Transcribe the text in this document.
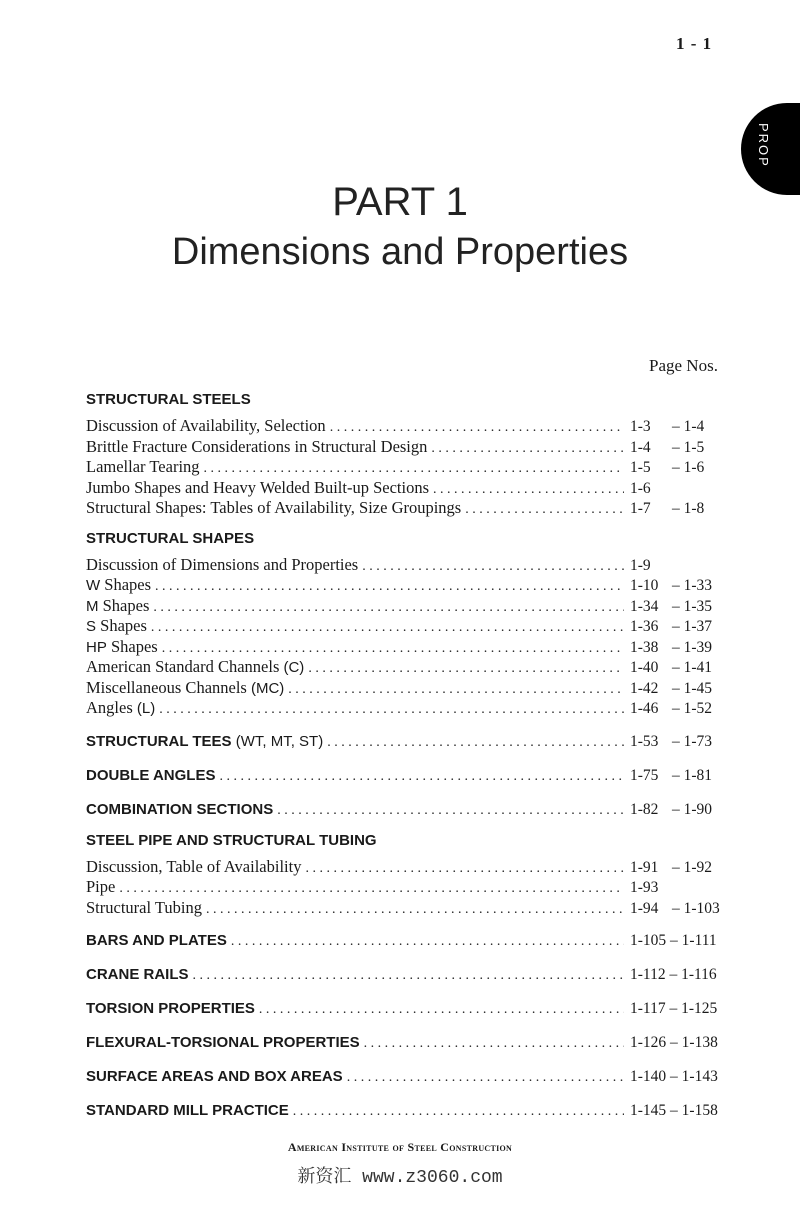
1 - 1
PROP
PART 1
Dimensions and Properties
Page Nos.
STRUCTURAL STEELS
Discussion of Availability, Selection . . .	1-3	– 1-4
Brittle Fracture Considerations in Structural Design . . .	1-4	– 1-5
Lamellar Tearing . . .	1-5	– 1-6
Jumbo Shapes and Heavy Welded Built-up Sections . . .	1-6
Structural Shapes: Tables of Availability, Size Groupings . . .	1-7	– 1-8
STRUCTURAL SHAPES
Discussion of Dimensions and Properties . . .	1-9
W Shapes . . .	1-10 – 1-33
M Shapes . . .	1-34 – 1-35
S Shapes . . .	1-36 – 1-37
HP Shapes . . .	1-38 – 1-39
American Standard Channels (C) . . .	1-40 – 1-41
Miscellaneous Channels (MC) . . .	1-42 – 1-45
Angles (L) . . .	1-46 – 1-52
STRUCTURAL TEES (WT, MT, ST) . . .	1-53 – 1-73
DOUBLE ANGLES . . .	1-75 – 1-81
COMBINATION SECTIONS . . .	1-82 – 1-90
STEEL PIPE AND STRUCTURAL TUBING
Discussion, Table of Availability . . .	1-91 – 1-92
Pipe . . .	1-93
Structural Tubing . . .	1-94 – 1-103
BARS AND PLATES . . .	1-105 – 1-111
CRANE RAILS . . .	1-112 – 1-116
TORSION PROPERTIES . . .	1-117 – 1-125
FLEXURAL-TORSIONAL PROPERTIES . . .	1-126 – 1-138
SURFACE AREAS AND BOX AREAS . . .	1-140 – 1-143
STANDARD MILL PRACTICE . . .	1-145 – 1-158
American Institute of Steel Construction
新资汇 www.z3060.com
